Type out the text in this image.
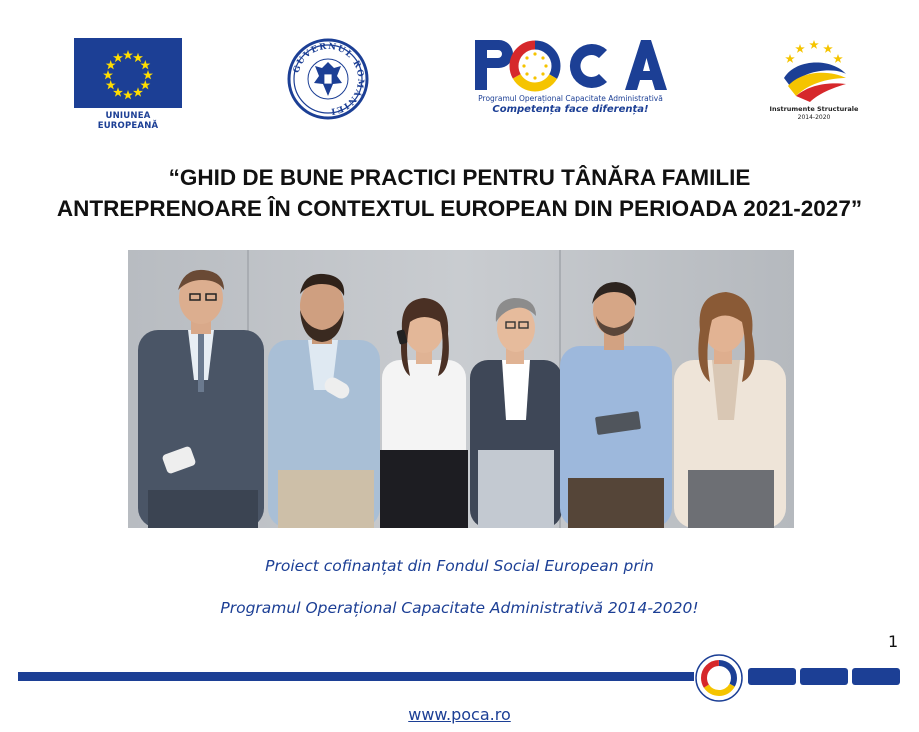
UNIUNEA EUROPEANĂ
GUVERNUL ROMÂNIEI
Programul Operațional Capacitate Administrativă
Competența face diferența!	Instrumente Structurale
2014-2020
“GHID DE BUNE PRACTICI PENTRU TÂNĂRA FAMILIE
ANTREPRENOARE ÎN CONTEXTUL EUROPEAN DIN PERIOADA 2021-2027”
Proiect cofinanțat din Fondul Social European prin
Programul Operațional Capacitate Administrativă 2014-2020!
1
www.poca.ro
